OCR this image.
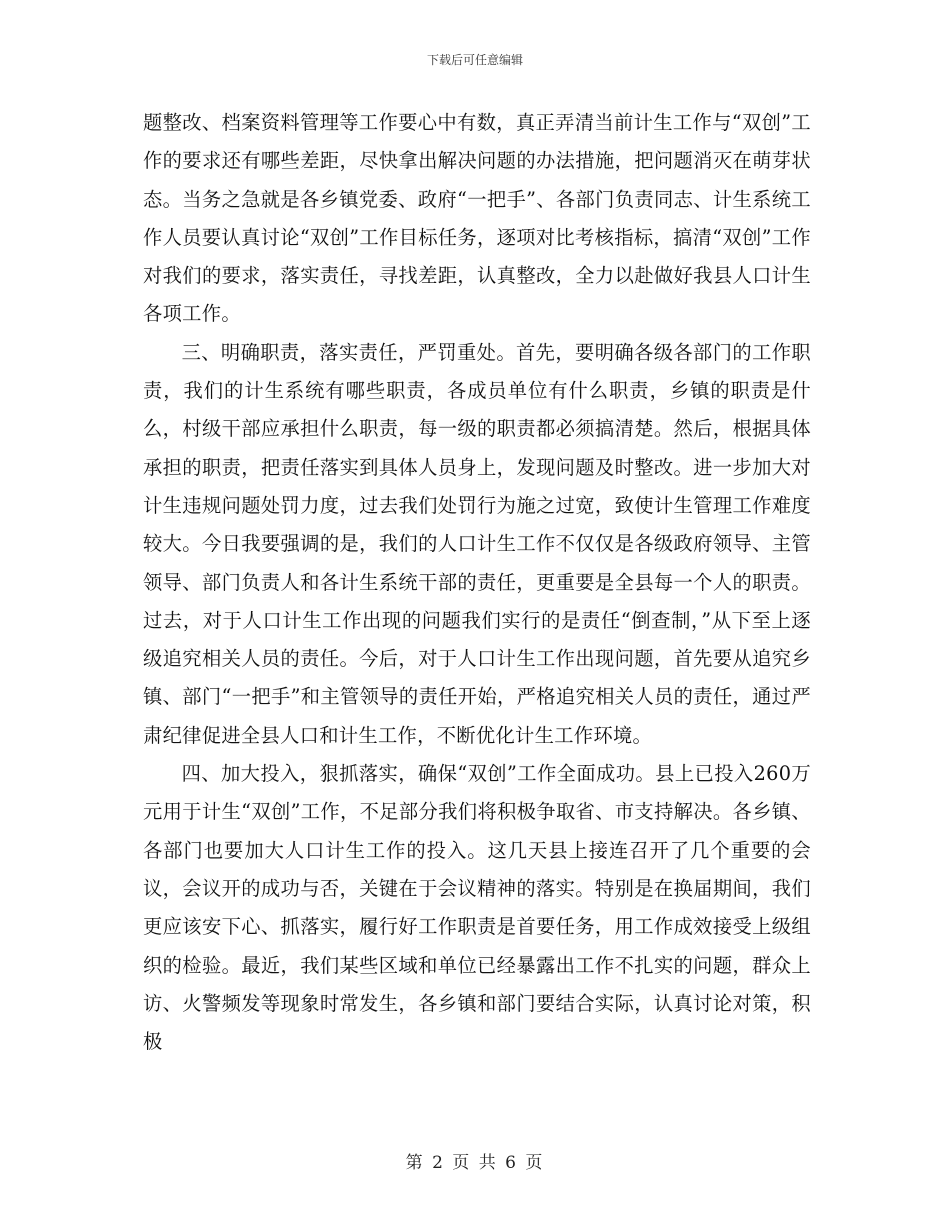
下载后可任意编辑

题整改、档案资料管理等工作要心中有数，真正弄清当前计生工作与“双创”工作的要求还有哪些差距，尽快拿出解决问题的办法措施，把问题消灭在萌芽状态。当务之急就是各乡镇党委、政府“一把手”、各部门负责同志、计生系统工作人员要认真讨论“双创”工作目标任务，逐项对比考核指标，搞清“双创”工作对我们的要求，落实责任，寻找差距，认真整改，全力以赴做好我县人口计生各项工作。

三、明确职责，落实责任，严罚重处。首先，要明确各级各部门的工作职责，我们的计生系统有哪些职责，各成员单位有什么职责，乡镇的职责是什么，村级干部应承担什么职责，每一级的职责都必须搞清楚。然后，根据具体承担的职责，把责任落实到具体人员身上，发现问题及时整改。进一步加大对计生违规问题处罚力度，过去我们处罚行为施之过宽，致使计生管理工作难度较大。今日我要强调的是，我们的人口计生工作不仅仅是各级政府领导、主管领导、部门负责人和各计生系统干部的责任，更重要是全县每一个人的职责。过去，对于人口计生工作出现的问题我们实行的是责任“倒查制，”从下至上逐级追究相关人员的责任。今后，对于人口计生工作出现问题，首先要从追究乡镇、部门“一把手”和主管领导的责任开始，严格追究相关人员的责任，通过严肃纪律促进全县人口和计生工作，不断优化计生工作环境。

四、加大投入，狠抓落实，确保“双创”工作全面成功。县上已投入260万元用于计生“双创”工作，不足部分我们将积极争取省、市支持解决。各乡镇、各部门也要加大人口计生工作的投入。这几天县上接连召开了几个重要的会议，会议开的成功与否，关键在于会议精神的落实。特别是在换届期间，我们更应该安下心、抓落实，履行好工作职责是首要任务，用工作成效接受上级组织的检验。最近，我们某些区域和单位已经暴露出工作不扎实的问题，群众上访、火警频发等现象时常发生，各乡镇和部门要结合实际，认真讨论对策，积极

第 2 页 共 6 页
